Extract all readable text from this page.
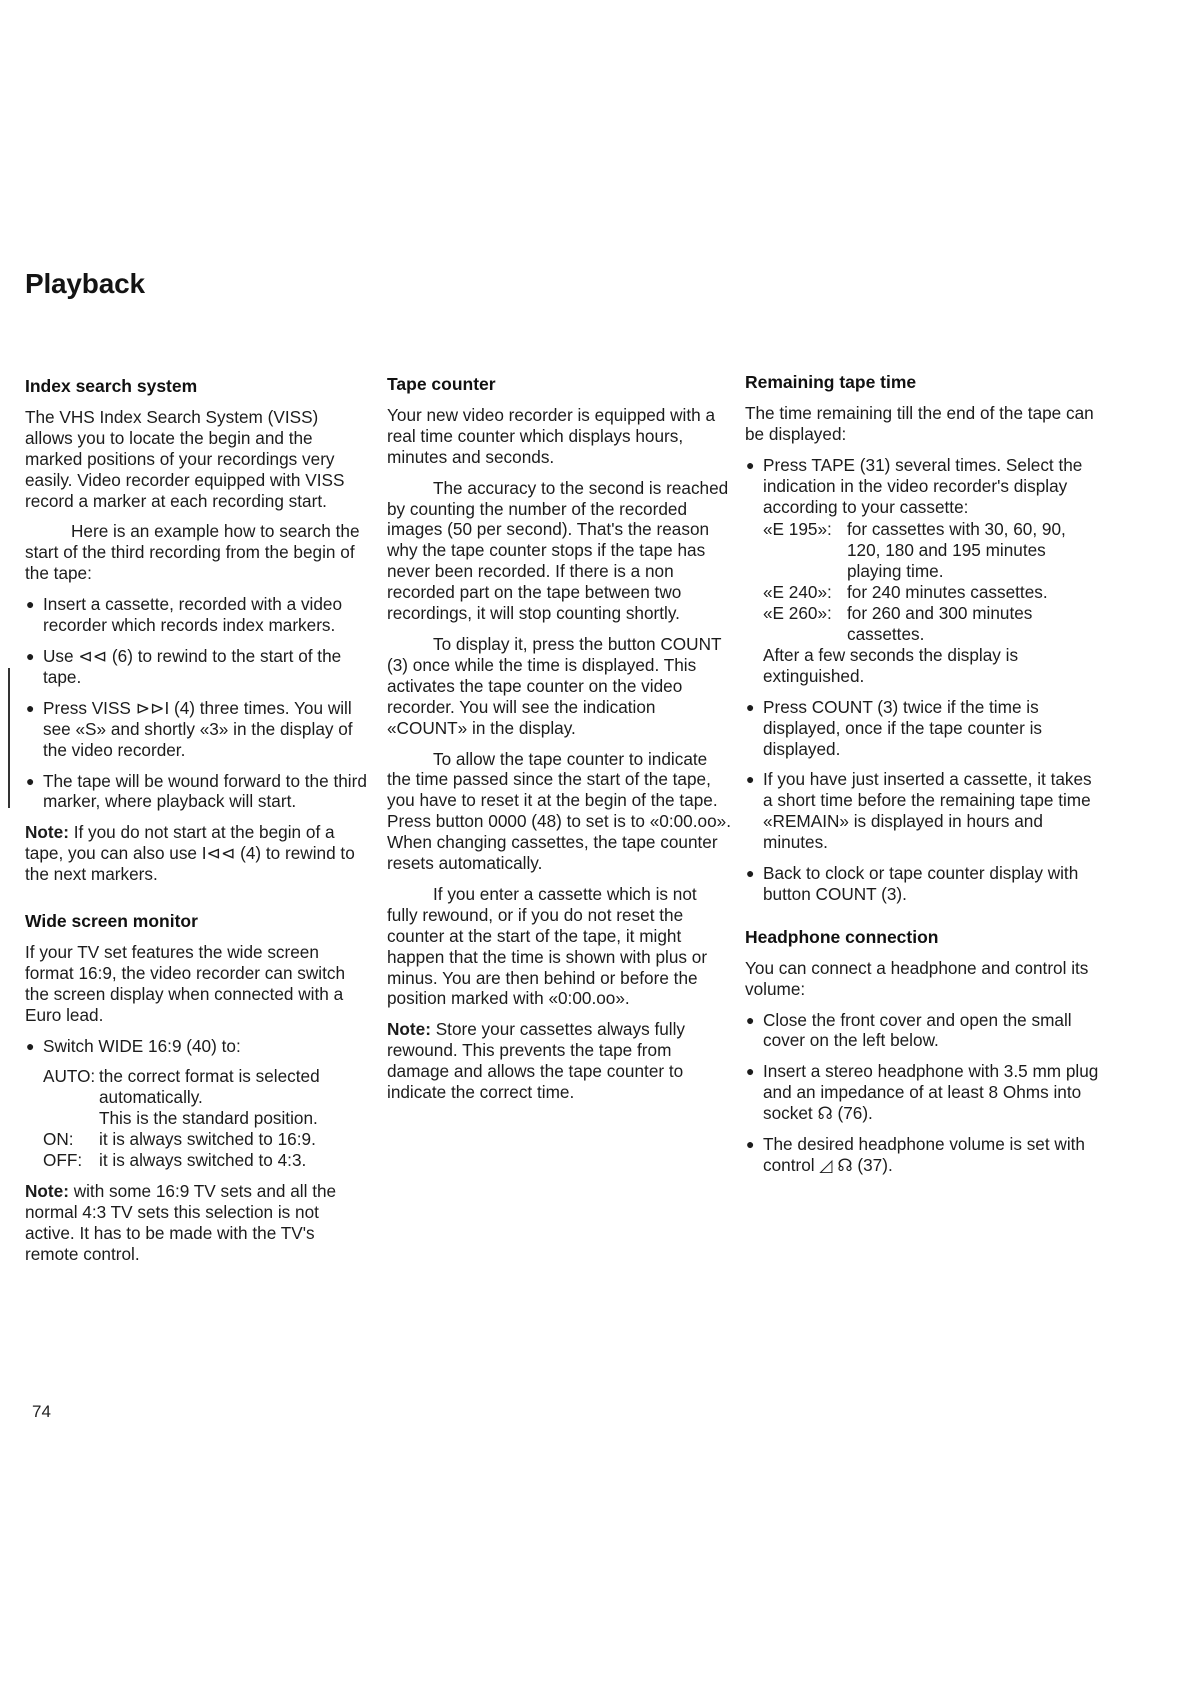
Playback
Index search system

The VHS Index Search System (VISS) allows you to locate the begin and the marked positions of your recordings very easily. Video recorder equipped with VISS record a marker at each recording start.

Here is an example how to search the start of the third recording from the begin of the tape:

● Insert a cassette, recorded with a video recorder which records index markers.
● Use ⊲⊲ (6) to rewind to the start of the tape.
● Press VISS ⊳⊳I (4) three times. You will see «S» and shortly «3» in the display of the video recorder.
● The tape will be wound forward to the third marker, where playback will start.

Note: If you do not start at the begin of a tape, you can also use I⊲⊲ (4) to rewind to the next markers.

Wide screen monitor

If your TV set features the wide screen format 16:9, the video recorder can switch the screen display when connected with a Euro lead.

● Switch WIDE 16:9 (40) to:
AUTO: the correct format is selected automatically.
This is the standard position.
ON:	it is always switched to 16:9.
OFF: it is always switched to 4:3.

Note: with some 16:9 TV sets and all the normal 4:3 TV sets this selection is not active. It has to be made with the TV's remote control.

Tape counter

Your new video recorder is equipped with a real time counter which displays hours, minutes and seconds.

The accuracy to the second is reached by counting the number of the recorded images (50 per second). That's the reason why the tape counter stops if the tape has never been recorded. If there is a non recorded part on the tape between two recordings, it will stop counting shortly.

To display it, press the button COUNT (3) once while the time is displayed. This activates the tape counter on the video recorder. You will see the indication «COUNT» in the display.

To allow the tape counter to indicate the time passed since the start of the tape, you have to reset it at the begin of the tape. Press button 0000 (48) to set is to «0:00.oo». When changing cassettes, the tape counter resets automatically.

If you enter a cassette which is not fully rewound, or if you do not reset the counter at the start of the tape, it might happen that the time is shown with plus or minus. You are then behind or before the position marked with «0:00.oo».

Note: Store your cassettes always fully rewound. This prevents the tape from damage and allows the tape counter to indicate the correct time.

Remaining tape time

The time remaining till the end of the tape can be displayed:

● Press TAPE (31) several times. Select the indication in the video recorder's display according to your cassette:
«E 195»: for cassettes with 30, 60, 90, 120, 180 and 195 minutes playing time.
«E 240»: for 240 minutes cassettes.
«E 260»: for 260 and 300 minutes cassettes.
After a few seconds the display is extinguished.
● Press COUNT (3) twice if the time is displayed, once if the tape counter is displayed.
● If you have just inserted a cassette, it takes a short time before the remaining tape time «REMAIN» is displayed in hours and minutes.
● Back to clock or tape counter display with button COUNT (3).
Headphone connection

You can connect a headphone and control its volume:

● Close the front cover and open the small cover on the left below.
● Insert a stereo headphone with 3.5 mm plug and an impedance of at least 8 Ohms into socket ☊ (76).
● The desired headphone volume is set with control ◿ ☊ (37).
74
